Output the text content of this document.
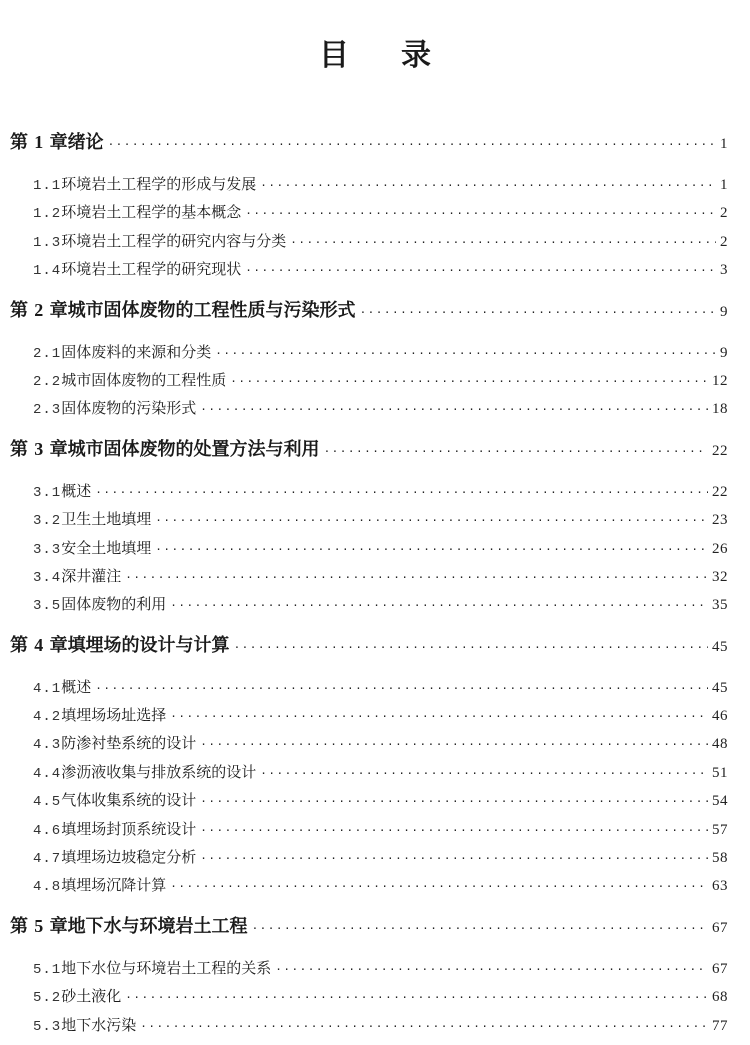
目录
第 1 章 绪论 ·····	1
1.1 环境岩土工程学的形成与发展 ·····	1
1.2 环境岩土工程学的基本概念 ·····	2
1.3 环境岩土工程学的研究内容与分类 ·····	2
1.4 环境岩土工程学的研究现状 ·····	3
第 2 章 城市固体废物的工程性质与污染形式 ·····	9
2.1 固体废料的来源和分类 ·····	9
2.2 城市固体废物的工程性质 ·····	12
2.3 固体废物的污染形式 ·····	18
第 3 章 城市固体废物的处置方法与利用 ·····	22
3.1 概述 ·····	22
3.2 卫生土地填埋 ·····	23
3.3 安全土地填埋 ·····	26
3.4 深井灌注 ·····	32
3.5 固体废物的利用 ·····	35
第 4 章 填埋场的设计与计算 ·····	45
4.1 概述 ·····	45
4.2 填埋场场址选择 ·····	46
4.3 防渗衬垫系统的设计 ·····	48
4.4 渗沥液收集与排放系统的设计 ·····	51
4.5 气体收集系统的设计 ·····	54
4.6 填埋场封顶系统设计 ·····	57
4.7 填埋场边坡稳定分析 ·····	58
4.8 填埋场沉降计算 ·····	63
第 5 章 地下水与环境岩土工程 ·····	67
5.1 地下水位与环境岩土工程的关系 ·····	67
5.2 砂土液化 ·····	68
5.3 地下水污染 ·····	77
